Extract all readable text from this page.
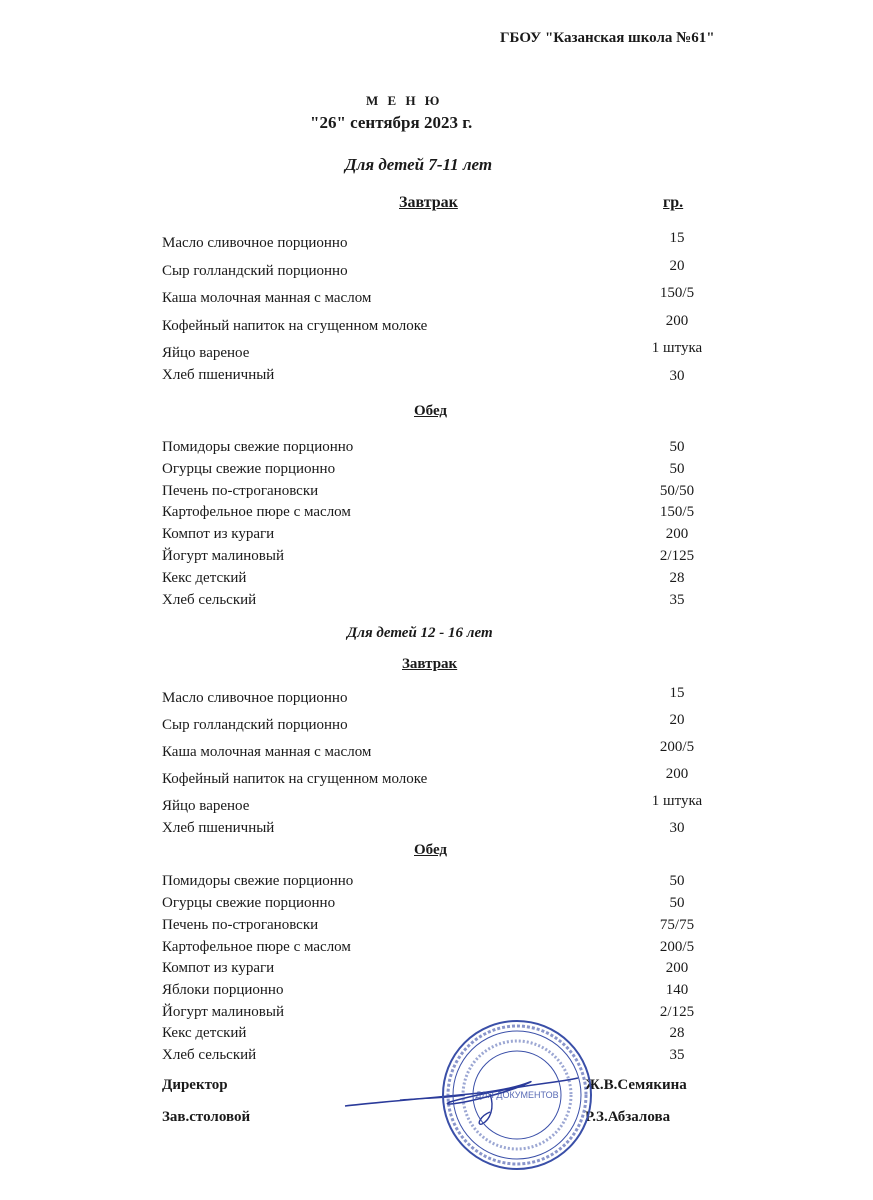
ГБОУ "Казанская школа №61"
М Е Н Ю
"26" сентября 2023 г.
Для детей 7-11 лет
Завтрак	гр.
Масло сливочное порционно	15
Сыр голландский порционно	20
Каша молочная манная с маслом	150/5
Кофейный напиток на сгущенном молоке	200
Яйцо вареное	1 штука
Хлеб пшеничный	30
Обед
Помидоры свежие порционно	50
Огурцы свежие порционно	50
Печень по-строгановски	50/50
Картофельное пюре с маслом	150/5
Компот из кураги	200
Йогурт малиновый	2/125
Кекс детский	28
Хлеб сельский	35
Для детей 12 - 16 лет
Завтрак
Масло сливочное порционно	15
Сыр голландский порционно	20
Каша молочная манная с маслом	200/5
Кофейный напиток на сгущенном молоке	200
Яйцо вареное	1 штука
Хлеб пшеничный	30
Обед
Помидоры свежие порционно	50
Огурцы свежие порционно	50
Печень по-строгановски	75/75
Картофельное пюре с маслом	200/5
Компот из кураги	200
Яблоки порционно	140
Йогурт малиновый	2/125
Кекс детский	28
Хлеб сельский	35
Директор	Ж.В.Семякина
Зав.столовой	Р.З.Абзалова
ДЛЯ ДОКУМЕНТОВ
